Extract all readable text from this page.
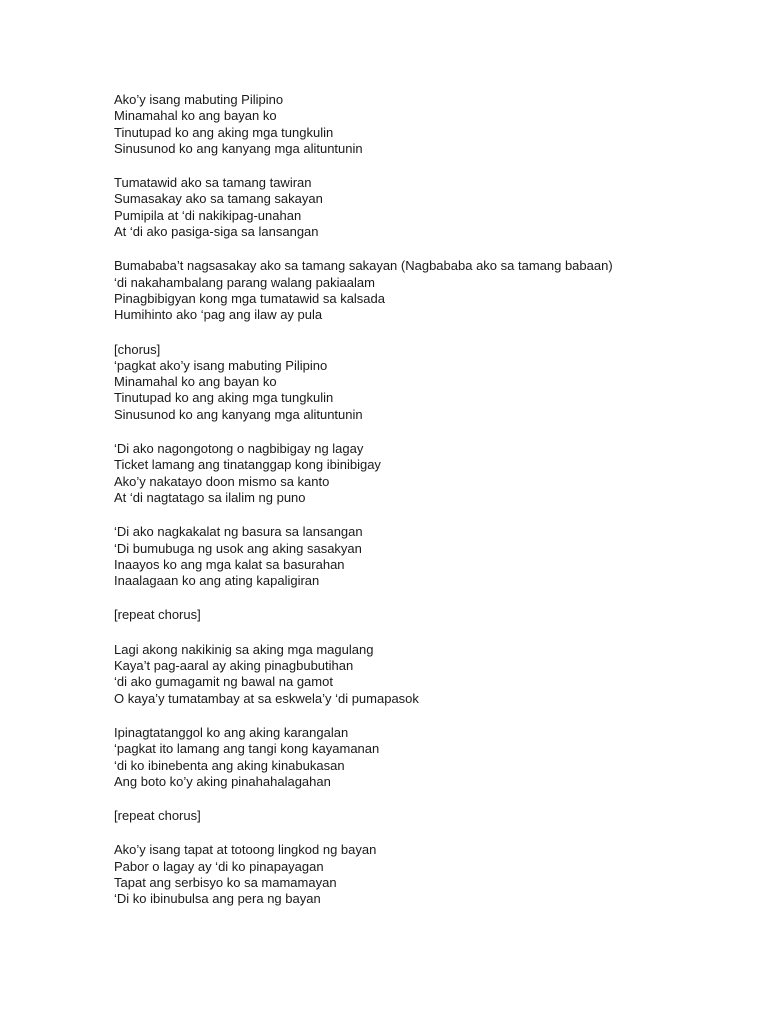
Ako’y isang mabuting Pilipino
Minamahal ko ang bayan ko
Tinutupad ko ang aking mga tungkulin
Sinusunod ko ang kanyang mga alituntunin
Tumatawid ako sa tamang tawiran
Sumasakay ako sa tamang sakayan
Pumipila at ‘di nakikipag-unahan
At ‘di ako pasiga-siga sa lansangan
Bumababa’t nagsasakay ako sa tamang sakayan (Nagbababa ako sa tamang babaan)
‘di nakahambalang parang walang pakiaalam
Pinagbibigyan kong mga tumatawid sa kalsada
Humihinto ako ‘pag ang ilaw ay pula
[chorus]
‘pagkat ako’y isang mabuting Pilipino
Minamahal ko ang bayan ko
Tinutupad ko ang aking mga tungkulin
Sinusunod ko ang kanyang mga alituntunin
‘Di ako nagongotong o nagbibigay ng lagay
Ticket lamang ang tinatanggap kong ibinibigay
Ako’y nakatayo doon mismo sa kanto
At ‘di nagtatago sa ilalim ng puno
‘Di ako nagkakalat ng basura sa lansangan
‘Di bumubuga ng usok ang aking sasakyan
Inaayos ko ang mga kalat sa basurahan
Inaalagaan ko ang ating kapaligiran
[repeat chorus]
Lagi akong nakikinig sa aking mga magulang
Kaya’t pag-aaral ay aking pinagbubutihan
‘di ako gumagamit ng bawal na gamot
O kaya’y tumatambay at sa eskwela’y ‘di pumapasok
Ipinagtatanggol ko ang aking karangalan
‘pagkat ito lamang ang tangi kong kayamanan
‘di ko ibinebenta ang aking kinabukasan
Ang boto ko’y aking pinahahalagahan
[repeat chorus]
Ako’y isang tapat at totoong lingkod ng bayan
Pabor o lagay ay ‘di ko pinapayagan
Tapat ang serbisyo ko sa mamamayan
‘Di ko ibinubulsa ang pera ng bayan
